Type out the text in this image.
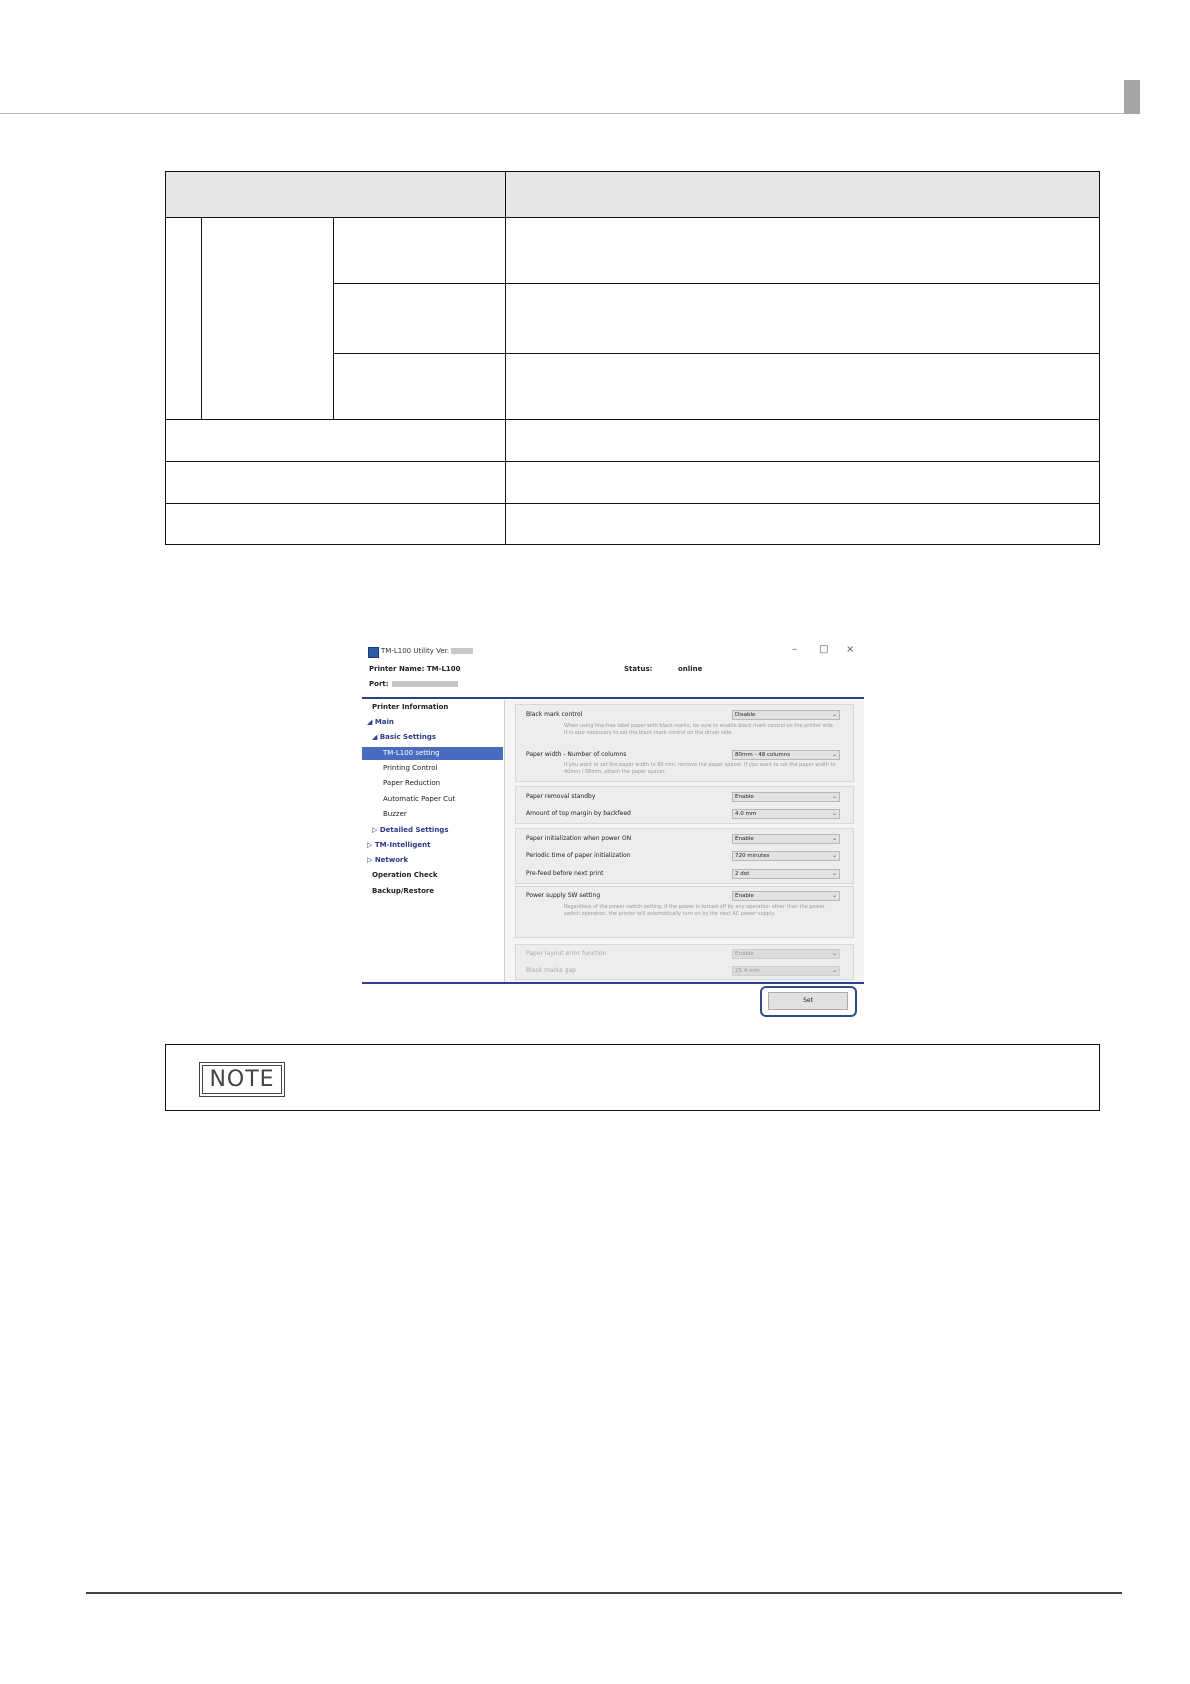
TM-L100 Utility Ver.	– □ ×
Printer Name: TM-L100
Port:
Status:	online
Printer Information
◢ Main
◢ Basic Settings
TM-L100 setting
Printing Control
Paper Reduction
Automatic Paper Cut
Buzzer
▷ Detailed Settings
▷ TM-Intelligent
▷ Network
Operation Check
Backup/Restore
Black mark control	Disable	⌄
When using line-free label paper with black marks, be sure to enable black mark control on the printer side. It is also necessary to set the black mark control on the driver side.
Paper width - Number of columns	80mm - 48 columns	⌄
If you want to set the paper width to 80 mm, remove the paper spacer. If you want to set the paper width to 40mm / 58mm, attach the paper spacer.
Paper removal standby	Enable	⌄
Amount of top margin by backfeed	4.0 mm	⌄
Paper initialization when power ON	Enable	⌄
Periodic time of paper initialization	720 minutes	⌄
Pre-feed before next print	2 dot	⌄
Power supply SW setting	Enable	⌄
Regardless of the power switch setting, if the power is turned off by any operation other than the power switch operation, the printer will automatically turn on by the next AC power supply.
Paper layout error function	Enable	⌄
Black marks gap	25.4 mm	⌄
Set
NOTE
